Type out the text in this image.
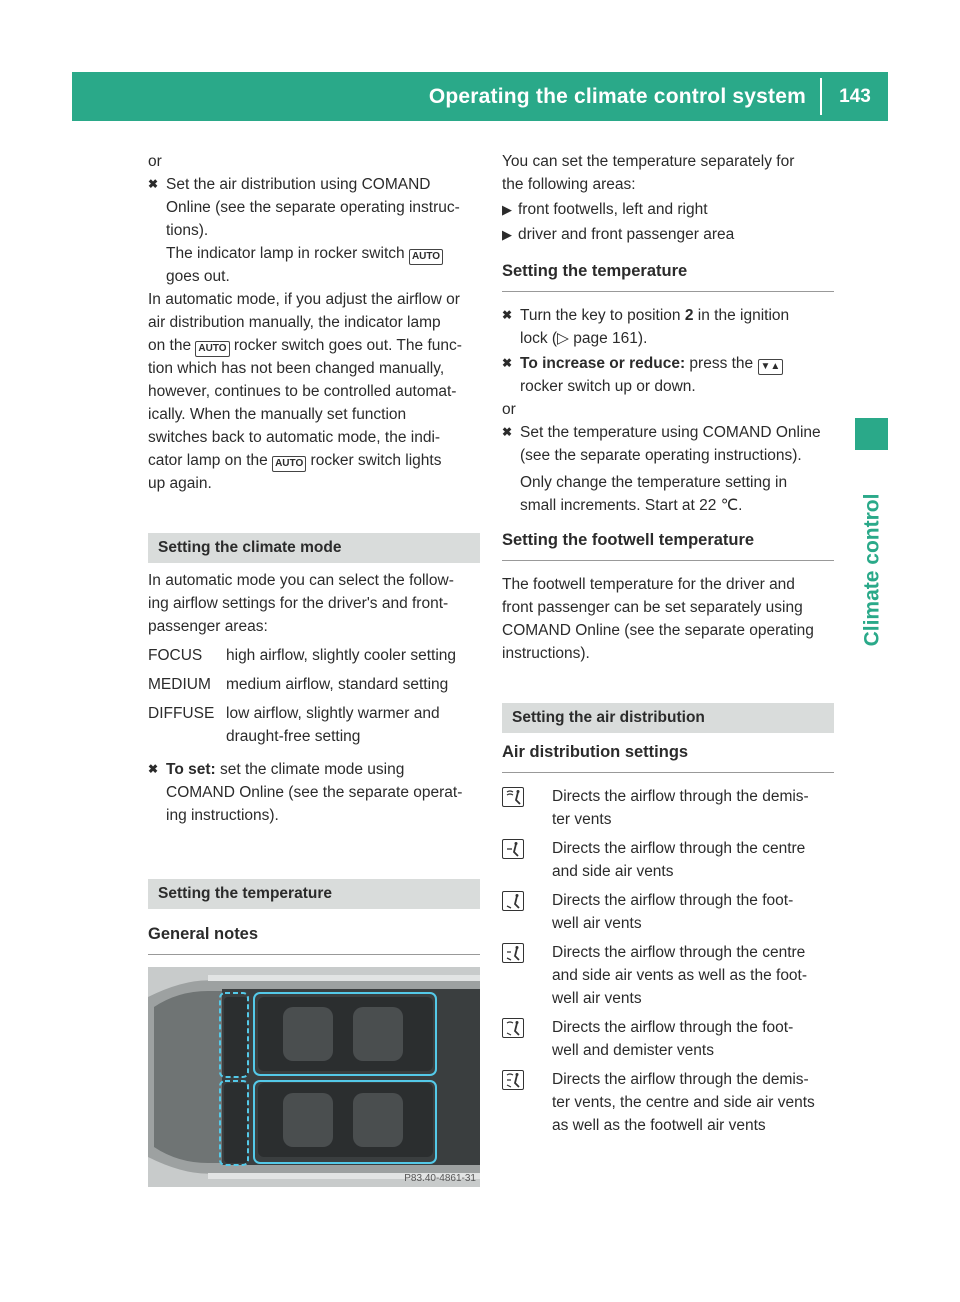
Operating the climate control system	143
Climate control

or

✖ Set the air distribution using COMAND

Online (see the separate operating instruc-

tions).

The indicator lamp in rocker switch AUTO

goes out.

In automatic mode, if you adjust the airflow or

air distribution manually, the indicator lamp

on the AUTO rocker switch goes out. The func-

tion which has not been changed manually,

however, continues to be controlled automat-

ically. When the manually set function

switches back to automatic mode, the indi-

cator lamp on the AUTO rocker switch lights

up again.

Setting the climate mode

In automatic mode you can select the follow-

ing airflow settings for the driver's and front-

passenger areas:

FOCUS	high airflow, slightly cooler setting
MEDIUM medium airflow, standard setting
DIFFUSE low airflow, slightly warmer and draught-free setting
✖ To set: set the climate mode using

COMAND Online (see the separate operat-

ing instructions).

Setting the temperature
General notes
P83.40-4861-31

You can set the temperature separately for

the following areas:

▶ front footwells, left and right

▶ driver and front passenger area

Setting the temperature
✖ Turn the key to position 2 in the ignition

lock (▷ page 161).

✖ To increase or reduce: press the ▼▲

rocker switch up or down.

or

✖ Set the temperature using COMAND Online

(see the separate operating instructions).

Only change the temperature setting in

small increments. Start at 22 ℃.

Setting the footwell temperature

The footwell temperature for the driver and

front passenger can be set separately using

COMAND Online (see the separate operating

instructions).

Setting the air distribution
Air distribution settings

Directs the airflow through the demis-

ter vents

Directs the airflow through the centre

and side air vents

Directs the airflow through the foot-

well air vents

Directs the airflow through the centre

and side air vents as well as the foot-

well air vents

Directs the airflow through the foot-

well and demister vents

Directs the airflow through the demis-

ter vents, the centre and side air vents

as well as the footwell air vents
